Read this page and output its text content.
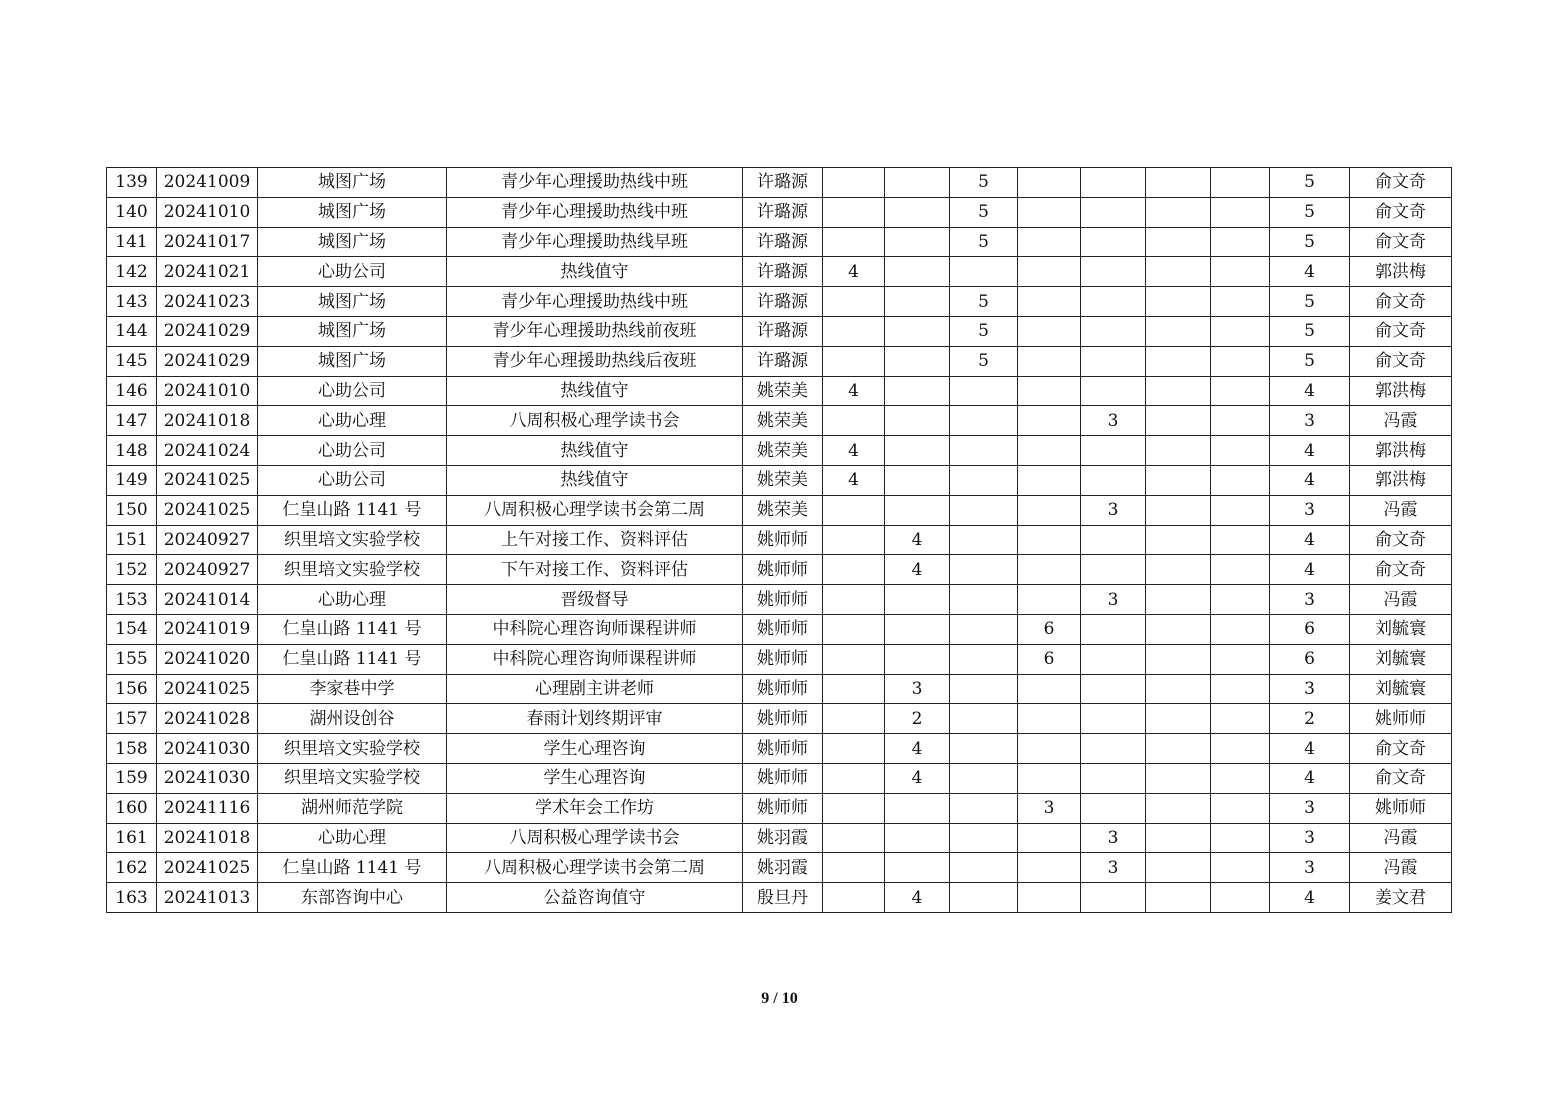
139	20241009	城图广场	青少年心理援助热线中班	许璐源			5					5	俞文奇
140	20241010	城图广场	青少年心理援助热线中班	许璐源			5					5	俞文奇
141	20241017	城图广场	青少年心理援助热线早班	许璐源			5					5	俞文奇
142	20241021	心助公司	热线值守	许璐源	4							4	郭洪梅
143	20241023	城图广场	青少年心理援助热线中班	许璐源			5					5	俞文奇
144	20241029	城图广场	青少年心理援助热线前夜班	许璐源			5					5	俞文奇
145	20241029	城图广场	青少年心理援助热线后夜班	许璐源			5					5	俞文奇
146	20241010	心助公司	热线值守	姚荣美	4							4	郭洪梅
147	20241018	心助心理	八周积极心理学读书会	姚荣美					3			3	冯霞
148	20241024	心助公司	热线值守	姚荣美	4							4	郭洪梅
149	20241025	心助公司	热线值守	姚荣美	4							4	郭洪梅
150	20241025	仁皇山路 1141 号	八周积极心理学读书会第二周	姚荣美					3			3	冯霞
151	20240927	织里培文实验学校	上午对接工作、资料评估	姚师师		4						4	俞文奇
152	20240927	织里培文实验学校	下午对接工作、资料评估	姚师师		4						4	俞文奇
153	20241014	心助心理	晋级督导	姚师师					3			3	冯霞
154	20241019	仁皇山路 1141 号	中科院心理咨询师课程讲师	姚师师				6				6	刘毓寰
155	20241020	仁皇山路 1141 号	中科院心理咨询师课程讲师	姚师师				6				6	刘毓寰
156	20241025	李家巷中学	心理剧主讲老师	姚师师		3						3	刘毓寰
157	20241028	湖州设创谷	春雨计划终期评审	姚师师		2						2	姚师师
158	20241030	织里培文实验学校	学生心理咨询	姚师师		4						4	俞文奇
159	20241030	织里培文实验学校	学生心理咨询	姚师师		4						4	俞文奇
160	20241116	湖州师范学院	学术年会工作坊	姚师师				3				3	姚师师
161	20241018	心助心理	八周积极心理学读书会	姚羽霞					3			3	冯霞
162	20241025	仁皇山路 1141 号	八周积极心理学读书会第二周	姚羽霞					3			3	冯霞
163	20241013	东部咨询中心	公益咨询值守	殷旦丹		4						4	姜文君
9 / 10
